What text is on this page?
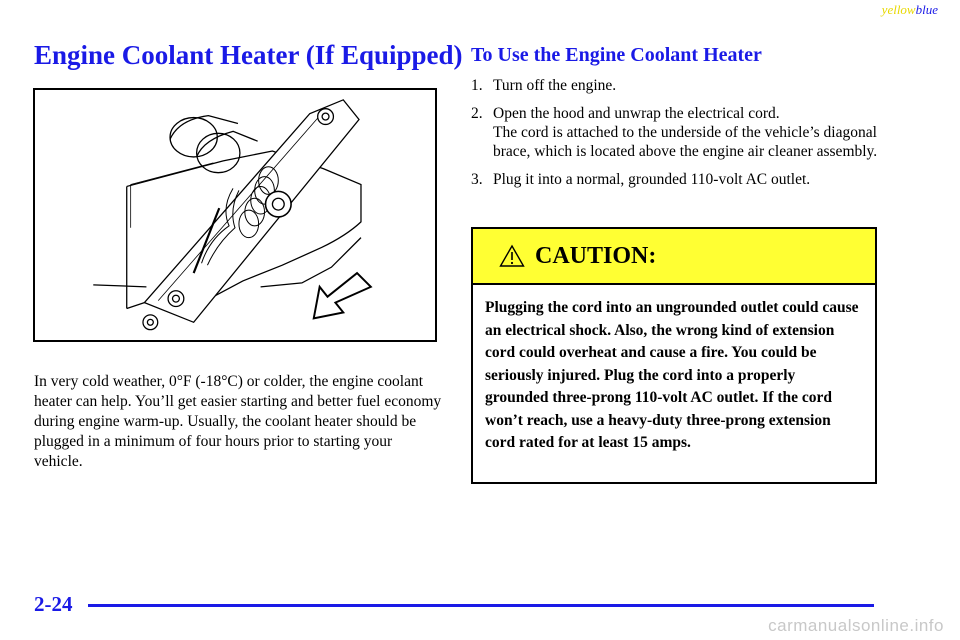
yellowblue
Engine Coolant Heater (If Equipped)

In very cold weather, 0°F (-18°C) or colder, the engine coolant heater can help. You’ll get easier starting and better fuel economy during engine warm-up. Usually, the coolant heater should be plugged in a minimum of four hours prior to starting your vehicle.

To Use the Engine Coolant Heater
1. Turn off the engine.
2. Open the hood and unwrap the electrical cord.
The cord is attached to the underside of the vehicle’s diagonal brace, which is located above the engine air cleaner assembly.
3. Plug it into a normal, grounded 110-volt AC outlet.
CAUTION:

Plugging the cord into an ungrounded outlet could cause an electrical shock. Also, the wrong kind of extension cord could overheat and cause a fire. You could be seriously injured. Plug the cord into a properly grounded three-prong 110-volt AC outlet. If the cord won’t reach, use a heavy-duty three-prong extension cord rated for at least 15 amps.

2-24
carmanualsonline.info
